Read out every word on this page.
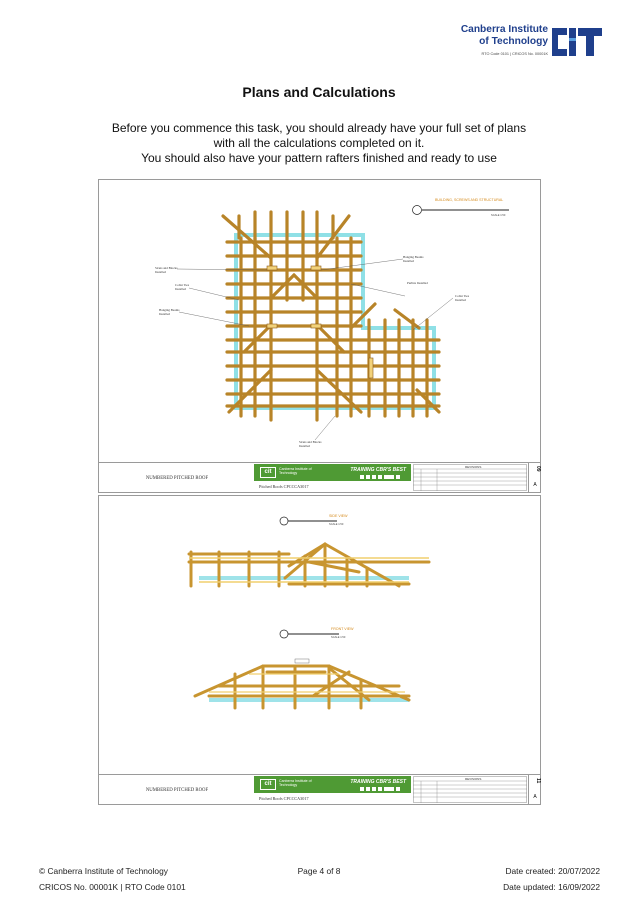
Canberra Institute
of Technology
RTO Code 0101 | CRICOS No. 00001K
Plans and Calculations
Before you commence this task, you should already have your full set of plans
with all the calculations completed on it.
You should also have your pattern rafters finished and ready to use
Struts and Blocks
Installed
Collar Ties
Installed
Hanging Beams
Installed
Hanging Beams
Installed
Purlins Installed
Collar Ties
Installed
Struts and Blocks
Installed
BUILDING, SCREWS AND STRUCTURAL
SCALE 1:50
NUMBERED PITCHED ROOF
cit	Canberra Institute of Technology
TRAINING CBR'S BEST
Pitched Roofs CPCCCA3017
REVISIONS	09
A
SIDE VIEW
SCALE 1:50
FRONT VIEW
SCALE 1:50
NUMBERED PITCHED ROOF
cit	Canberra Institute of Technology
TRAINING CBR'S BEST
Pitched Roofs CPCCCA3017
REVISIONS	11
A
© Canberra Institute of Technology
CRICOS No. 00001K | RTO Code 0101
Page 4 of 8	Date created: 20/07/2022
Date updated: 16/09/2022
